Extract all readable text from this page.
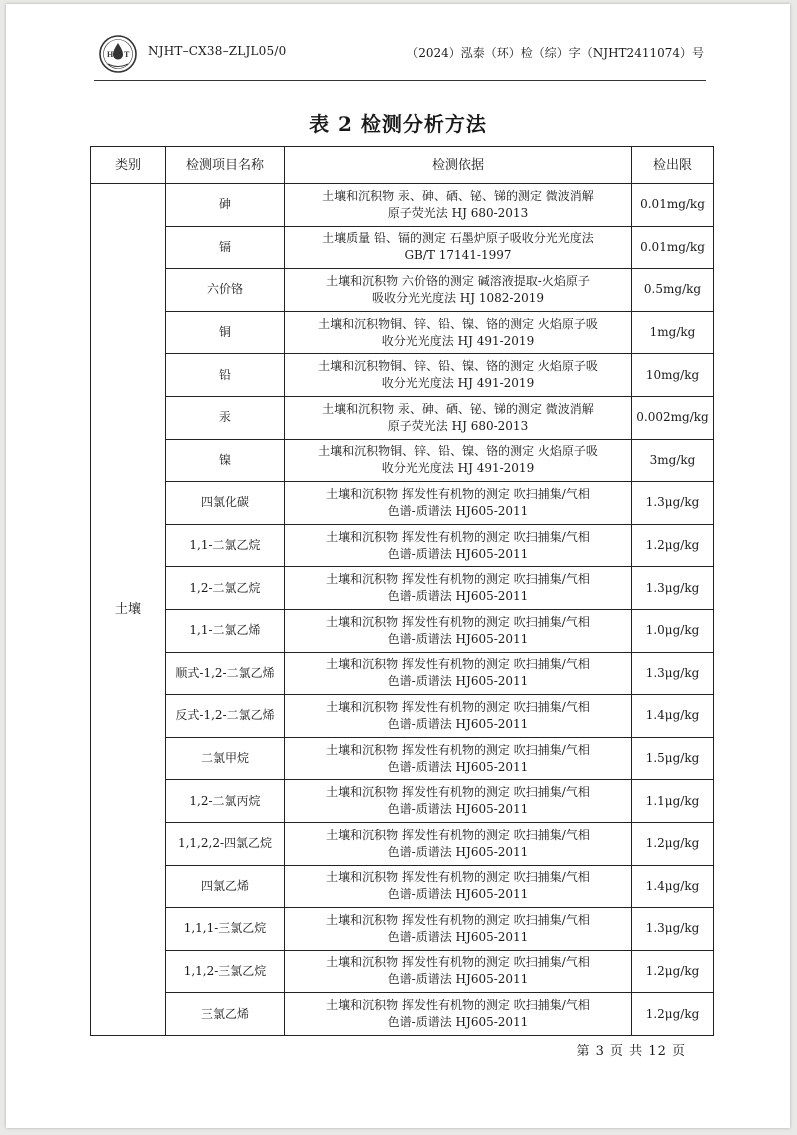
H T NJHT–CX38–ZLJL05/0	（2024）泓泰（环）检（综）字（NJHT2411074）号
表 2 检测分析方法
类别	检测项目名称	检测依据	检出限
土壤	砷	土壤和沉积物 汞、砷、硒、铋、锑的测定 微波消解
原子荧光法 HJ 680-2013	0.01mg/kg
	镉	土壤质量 铅、镉的测定 石墨炉原子吸收分光光度法
GB/T 17141-1997	0.01mg/kg
	六价铬	土壤和沉积物 六价铬的测定 碱溶液提取-火焰原子
吸收分光光度法 HJ 1082-2019	0.5mg/kg
	铜	土壤和沉积物铜、锌、铅、镍、铬的测定 火焰原子吸
收分光光度法 HJ 491-2019	1mg/kg
	铅	土壤和沉积物铜、锌、铅、镍、铬的测定 火焰原子吸
收分光光度法 HJ 491-2019	10mg/kg
	汞	土壤和沉积物 汞、砷、硒、铋、锑的测定 微波消解
原子荧光法 HJ 680-2013	0.002mg/kg
	镍	土壤和沉积物铜、锌、铅、镍、铬的测定 火焰原子吸
收分光光度法 HJ 491-2019	3mg/kg
	四氯化碳	土壤和沉积物 挥发性有机物的测定 吹扫捕集/气相
色谱-质谱法 HJ605-2011	1.3μg/kg
	1,1-二氯乙烷	土壤和沉积物 挥发性有机物的测定 吹扫捕集/气相
色谱-质谱法 HJ605-2011	1.2μg/kg
	1,2-二氯乙烷	土壤和沉积物 挥发性有机物的测定 吹扫捕集/气相
色谱-质谱法 HJ605-2011	1.3μg/kg
	1,1-二氯乙烯	土壤和沉积物 挥发性有机物的测定 吹扫捕集/气相
色谱-质谱法 HJ605-2011	1.0μg/kg
	顺式-1,2-二氯乙烯	土壤和沉积物 挥发性有机物的测定 吹扫捕集/气相
色谱-质谱法 HJ605-2011	1.3μg/kg
	反式-1,2-二氯乙烯	土壤和沉积物 挥发性有机物的测定 吹扫捕集/气相
色谱-质谱法 HJ605-2011	1.4μg/kg
	二氯甲烷	土壤和沉积物 挥发性有机物的测定 吹扫捕集/气相
色谱-质谱法 HJ605-2011	1.5μg/kg
	1,2-二氯丙烷	土壤和沉积物 挥发性有机物的测定 吹扫捕集/气相
色谱-质谱法 HJ605-2011	1.1μg/kg
	1,1,2,2-四氯乙烷	土壤和沉积物 挥发性有机物的测定 吹扫捕集/气相
色谱-质谱法 HJ605-2011	1.2μg/kg
	四氯乙烯	土壤和沉积物 挥发性有机物的测定 吹扫捕集/气相
色谱-质谱法 HJ605-2011	1.4μg/kg
	1,1,1-三氯乙烷	土壤和沉积物 挥发性有机物的测定 吹扫捕集/气相
色谱-质谱法 HJ605-2011	1.3μg/kg
	1,1,2-三氯乙烷	土壤和沉积物 挥发性有机物的测定 吹扫捕集/气相
色谱-质谱法 HJ605-2011	1.2μg/kg
	三氯乙烯	土壤和沉积物 挥发性有机物的测定 吹扫捕集/气相
色谱-质谱法 HJ605-2011	1.2μg/kg
第 3 页 共 12 页
